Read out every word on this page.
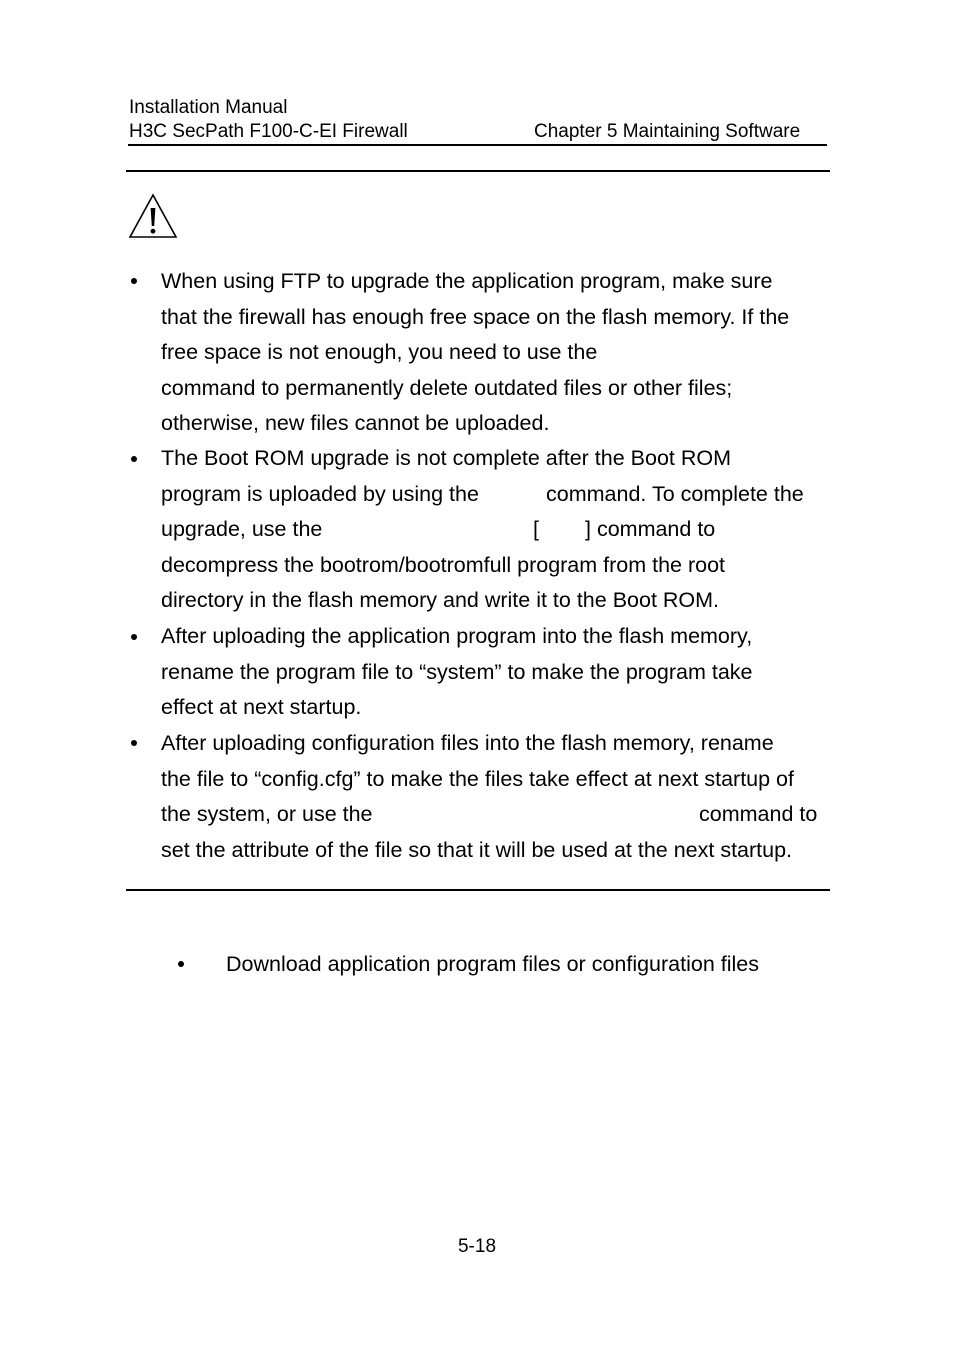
Installation Manual
H3C SecPath F100-C-EI Firewall	Chapter 5 Maintaining Software
When using FTP to upgrade the application program, make sure
that the firewall has enough free space on the flash memory. If the
free space is not enough, you need to use the
command to permanently delete outdated files or other files;
otherwise, new files cannot be uploaded.
The Boot ROM upgrade is not complete after the Boot ROM
program is uploaded by using the	command. To complete the
upgrade, use the	[ ] command to
decompress the bootrom/bootromfull program from the root
directory in the flash memory and write it to the Boot ROM.
After uploading the application program into the flash memory,
rename the program file to “system” to make the program take
effect at next startup.
After uploading configuration files into the flash memory, rename
the file to “config.cfg” to make the files take effect at next startup of
the system, or use the	command to
set the attribute of the file so that it will be used at the next startup.
Download application program files or configuration files
5-18
